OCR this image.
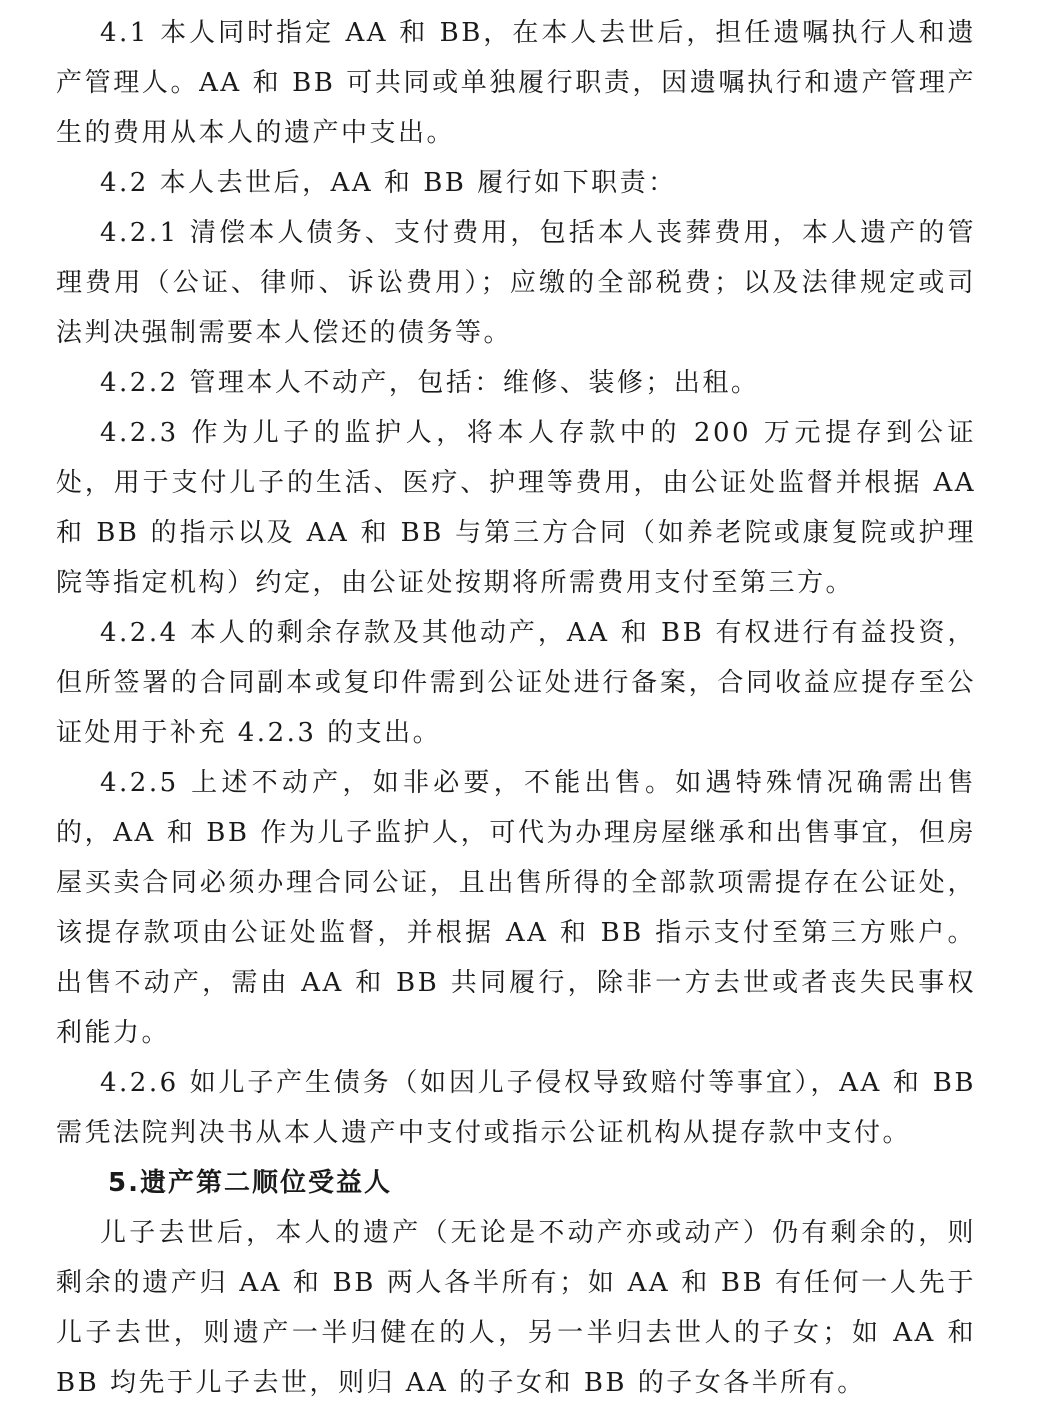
4.1 本人同时指定 AA 和 BB，在本人去世后，担任遗嘱执行人和遗产管理人。AA 和 BB 可共同或单独履行职责，因遗嘱执行和遗产管理产生的费用从本人的遗产中支出。

4.2 本人去世后，AA 和 BB 履行如下职责：

4.2.1 清偿本人债务、支付费用，包括本人丧葬费用，本人遗产的管理费用（公证、律师、诉讼费用）；应缴的全部税费；以及法律规定或司法判决强制需要本人偿还的债务等。

4.2.2 管理本人不动产，包括：维修、装修；出租。

4.2.3 作为儿子的监护人，将本人存款中的 200 万元提存到公证处，用于支付儿子的生活、医疗、护理等费用，由公证处监督并根据 AA 和 BB 的指示以及 AA 和 BB 与第三方合同（如养老院或康复院或护理院等指定机构）约定，由公证处按期将所需费用支付至第三方。

4.2.4 本人的剩余存款及其他动产，AA 和 BB 有权进行有益投资，但所签署的合同副本或复印件需到公证处进行备案，合同收益应提存至公证处用于补充 4.2.3 的支出。

4.2.5 上述不动产，如非必要，不能出售。如遇特殊情况确需出售的，AA 和 BB 作为儿子监护人，可代为办理房屋继承和出售事宜，但房屋买卖合同必须办理合同公证，且出售所得的全部款项需提存在公证处，该提存款项由公证处监督，并根据 AA 和 BB 指示支付至第三方账户。出售不动产，需由 AA 和 BB 共同履行，除非一方去世或者丧失民事权利能力。

4.2.6 如儿子产生债务（如因儿子侵权导致赔付等事宜），AA 和 BB 需凭法院判决书从本人遗产中支付或指示公证机构从提存款中支付。

5.遗产第二顺位受益人

儿子去世后，本人的遗产（无论是不动产亦或动产）仍有剩余的，则剩余的遗产归 AA 和 BB 两人各半所有；如 AA 和 BB 有任何一人先于儿子去世，则遗产一半归健在的人，另一半归去世人的子女；如 AA 和 BB 均先于儿子去世，则归 AA 的子女和 BB 的子女各半所有。
